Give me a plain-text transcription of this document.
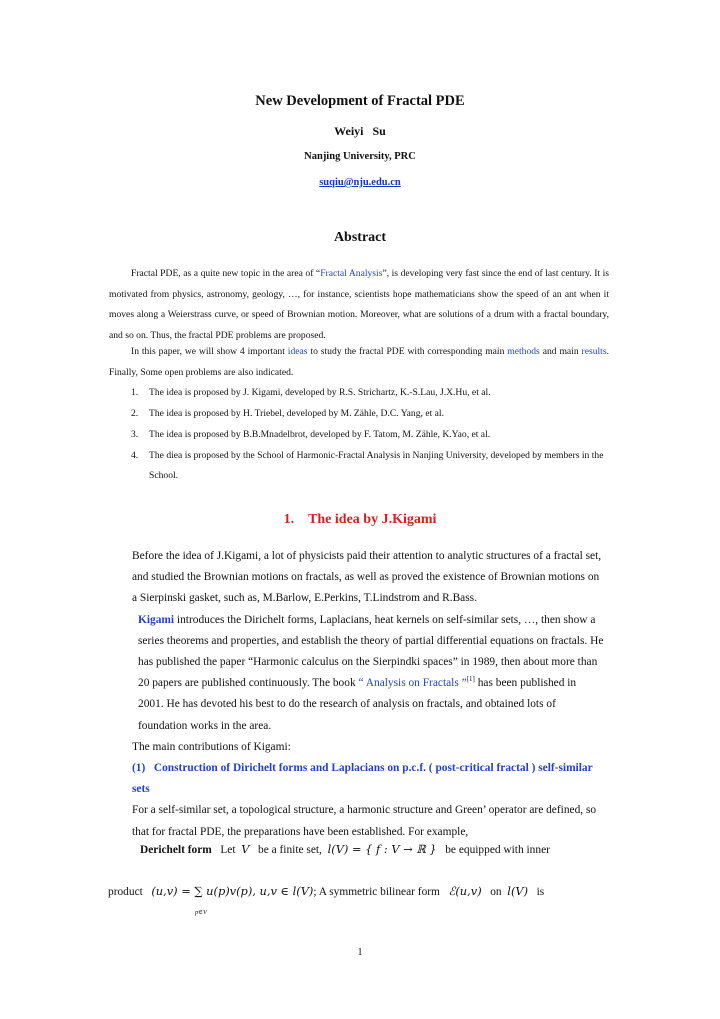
New Development of Fractal PDE
Weiyi Su
Nanjing University, PRC
suqiu@nju.edu.cn
Abstract

Fractal PDE, as a quite new topic in the area of “Fractal Analysis”, is developing very fast since the end of last century. It is motivated from physics, astronomy, geology, …, for instance, scientists hope mathematicians show the speed of an ant when it moves along a Weierstrass curve, or speed of Brownian motion. Moreover, what are solutions of a drum with a fractal boundary, and so on. Thus, the fractal PDE problems are proposed.

In this paper, we will show 4 important ideas to study the fractal PDE with corresponding main methods and main results. Finally, Some open problems are also indicated.

1. The idea is proposed by J. Kigami, developed by R.S. Strichartz, K.-S.Lau, J.X.Hu, et al.
2. The idea is proposed by H. Triebel, developed by M. Zähle, D.C. Yang, et al.
3. The idea is proposed by B.B.Mnadelbrot, developed by F. Tatom, M. Zähle, K.Yao, et al.
4. The diea is proposed by the School of Harmonic-Fractal Analysis in Nanjing University, developed by members in the School.
1. The idea by J.Kigami

Before the idea of J.Kigami, a lot of physicists paid their attention to analytic structures of a fractal set, and studied the Brownian motions on fractals, as well as proved the existence of Brownian motions on a Sierpinski gasket, such as, M.Barlow, E.Perkins, T.Lindstrom and R.Bass.

Kigami introduces the Dirichelt forms, Laplacians, heat kernels on self-similar sets, …, then show a series theorems and properties, and establish the theory of partial differential equations on fractals. He has published the paper “Harmonic calculus on the Sierpindki spaces” in 1989, then about more than 20 papers are published continuously. The book “ Analysis on Fractals ”[1] has been published in 2001. He has devoted his best to do the research of analysis on fractals, and obtained lots of foundation works in the area.

The main contributions of Kigami:

(1) Construction of Dirichelt forms and Laplacians on p.c.f. ( post-critical fractal ) self-similar sets

For a self-similar set, a topological structure, a harmonic structure and Green’ operator are defined, so that for fractal PDE, the preparations have been established. For example,

Derichelt form Let V be a finite set, l(V) = { f : V → ℝ } be equipped with inner
product (u,v) = ∑ u(p)v(p), u,v ∈ l(V); A symmetric bilinear form ℰ(u,v) on l(V) is
p∈V
1
